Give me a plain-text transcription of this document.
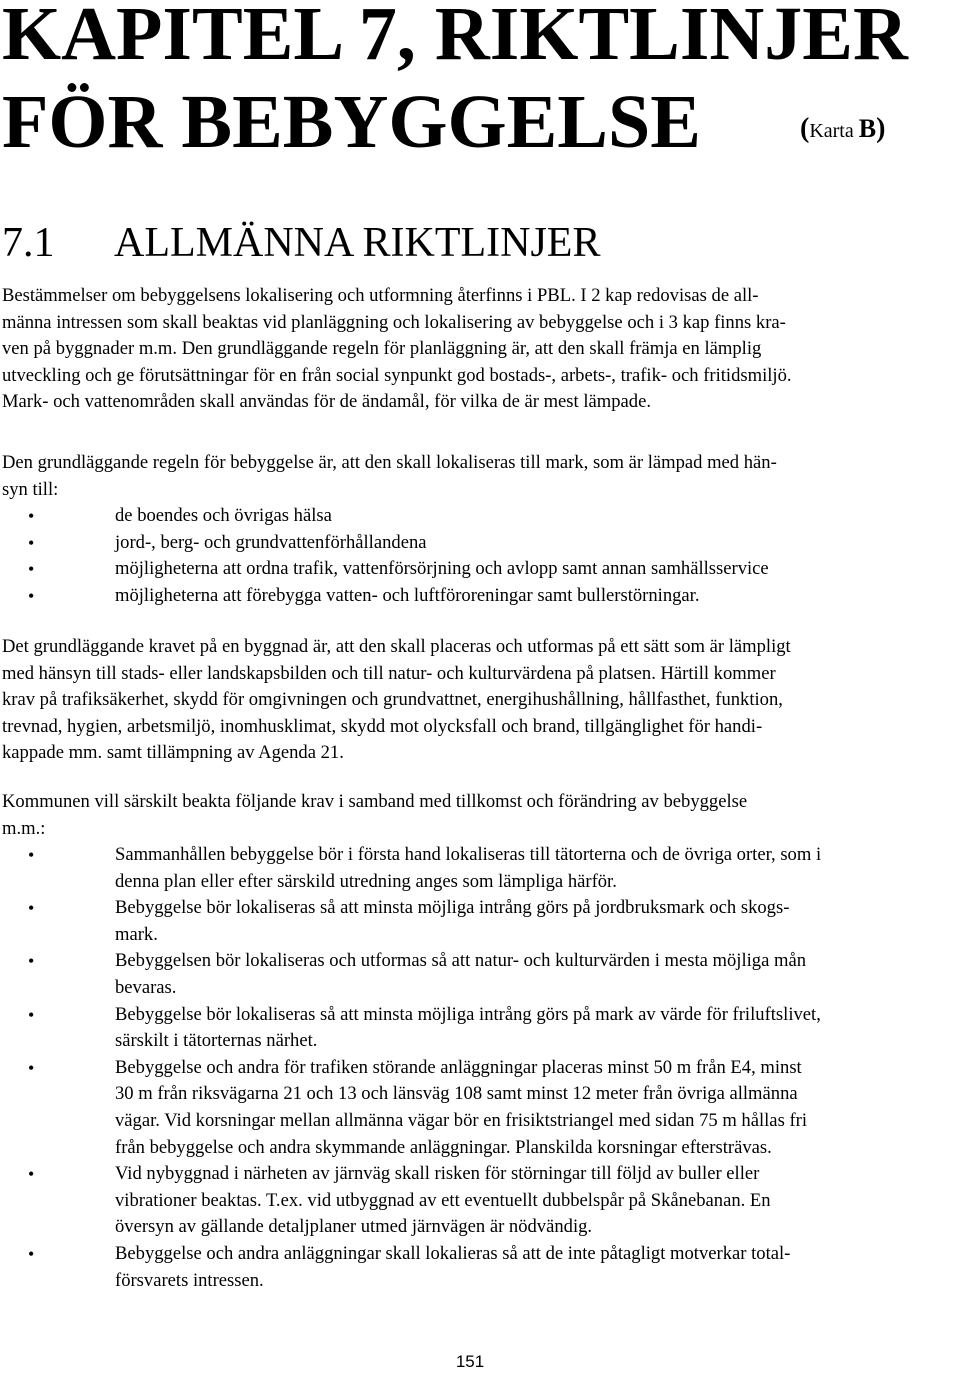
KAPITEL 7, RIKTLINJER
FÖR BEBYGGELSE	(Karta B)
7.1 ALLMÄNNA RIKTLINJER

Bestämmelser om bebyggelsens lokalisering och utformning återfinns i PBL. I 2 kap redovisas de all-
männa intressen som skall beaktas vid planläggning och lokalisering av bebyggelse och i 3 kap finns kra-
ven på byggnader m.m. Den grundläggande regeln för planläggning är, att den skall främja en lämplig
utveckling och ge förutsättningar för en från social synpunkt god bostads-, arbets-, trafik- och fritidsmiljö.
Mark- och vattenområden skall användas för de ändamål, för vilka de är mest lämpade.

Den grundläggande regeln för bebyggelse är, att den skall lokaliseras till mark, som är lämpad med hän-
syn till:

•	de boendes och övrigas hälsa
•	jord-, berg- och grundvattenförhållandena
•	möjligheterna att ordna trafik, vattenförsörjning och avlopp samt annan samhällsservice
•	möjligheterna att förebygga vatten- och luftföroreningar samt bullerstörningar.

Det grundläggande kravet på en byggnad är, att den skall placeras och utformas på ett sätt som är lämpligt
med hänsyn till stads- eller landskapsbilden och till natur- och kulturvärdena på platsen. Härtill kommer
krav på trafiksäkerhet, skydd för omgivningen och grundvattnet, energihushållning, hållfasthet, funktion,
trevnad, hygien, arbetsmiljö, inomhusklimat, skydd mot olycksfall och brand, tillgänglighet för handi-
kappade mm. samt tillämpning av Agenda 21.

Kommunen vill särskilt beakta följande krav i samband med tillkomst och förändring av bebyggelse
m.m.:

•	Sammanhållen bebyggelse bör i första hand lokaliseras till tätorterna och de övriga orter, som i
denna plan eller efter särskild utredning anges som lämpliga härför.
•	Bebyggelse bör lokaliseras så att minsta möjliga intrång görs på jordbruksmark och skogs-
mark.
•	Bebyggelsen bör lokaliseras och utformas så att natur- och kulturvärden i mesta möjliga mån
bevaras.
•	Bebyggelse bör lokaliseras så att minsta möjliga intrång görs på mark av värde för friluftslivet,
särskilt i tätorternas närhet.
•	Bebyggelse och andra för trafiken störande anläggningar placeras minst 50 m från E4, minst
30 m från riksvägarna 21 och 13 och länsväg 108 samt minst 12 meter från övriga allmänna
vägar. Vid korsningar mellan allmänna vägar bör en frisiktstriangel med sidan 75 m hållas fri
från bebyggelse och andra skymmande anläggningar. Planskilda korsningar eftersträvas.
•	Vid nybyggnad i närheten av järnväg skall risken för störningar till följd av buller eller
vibrationer beaktas. T.ex. vid utbyggnad av ett eventuellt dubbelspår på Skånebanan. En
översyn av gällande detaljplaner utmed järnvägen är nödvändig.
•	Bebyggelse och andra anläggningar skall lokalieras så att de inte påtagligt motverkar total-
försvarets intressen.
151
